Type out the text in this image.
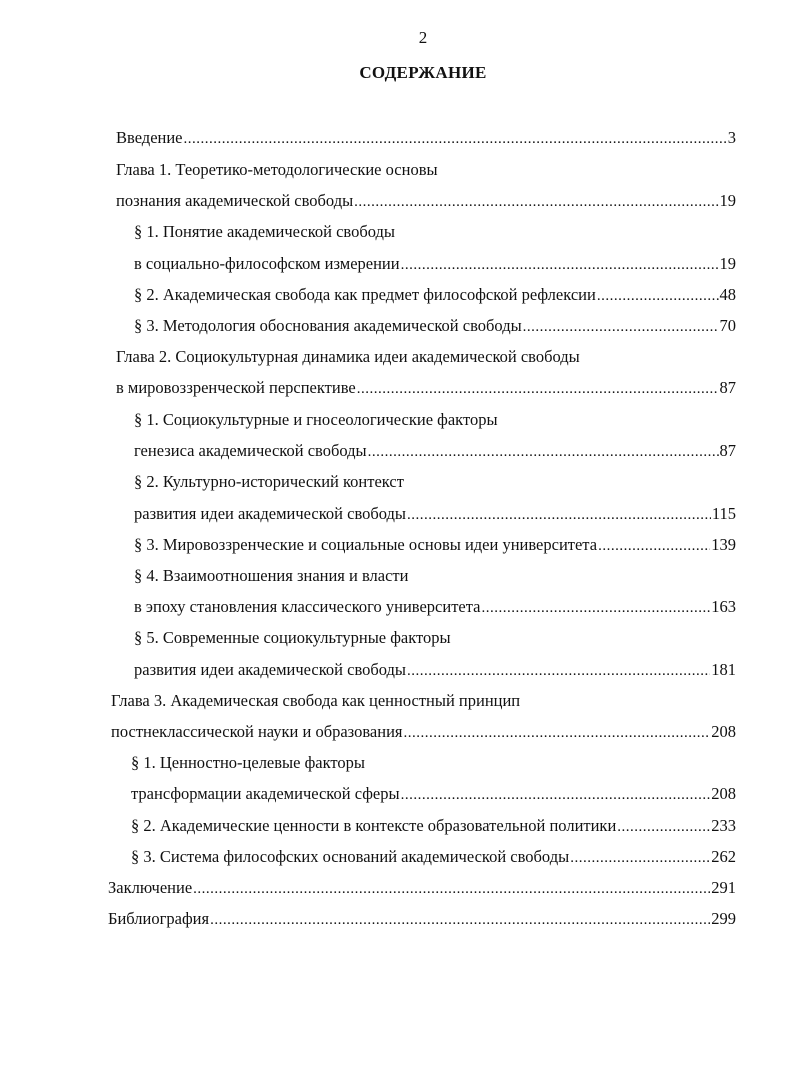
2
СОДЕРЖАНИЕ
Введение .....	3
Глава 1. Теоретико-методологические основы
познания академической свободы .....	19
§ 1. Понятие академической свободы
в социально-философском измерении .....	19
§ 2. Академическая свобода как предмет философской рефлексии .....	48
§ 3. Методология обоснования академической свободы .....	70
Глава 2. Социокультурная динамика идеи академической свободы
в мировоззренческой перспективе .....	87
§ 1. Социокультурные и гносеологические факторы
генезиса академической свободы .....	87
§ 2. Культурно-исторический контекст
развития идеи академической свободы .....	115
§ 3. Мировоззренческие и социальные основы идеи университета .....	139
§ 4. Взаимоотношения знания и власти
в эпоху становления классического университета .....	163
§ 5. Современные социокультурные факторы
развития идеи академической свободы .....	181
Глава 3. Академическая свобода как ценностный принцип
постнеклассической науки и образования .....	208
§ 1. Ценностно-целевые факторы
трансформации академической сферы .....	208
§ 2. Академические ценности в контексте образовательной политики .....	233
§ 3. Система философских оснований академической свободы .....	262
Заключение .....	291
Библиография .....	299
